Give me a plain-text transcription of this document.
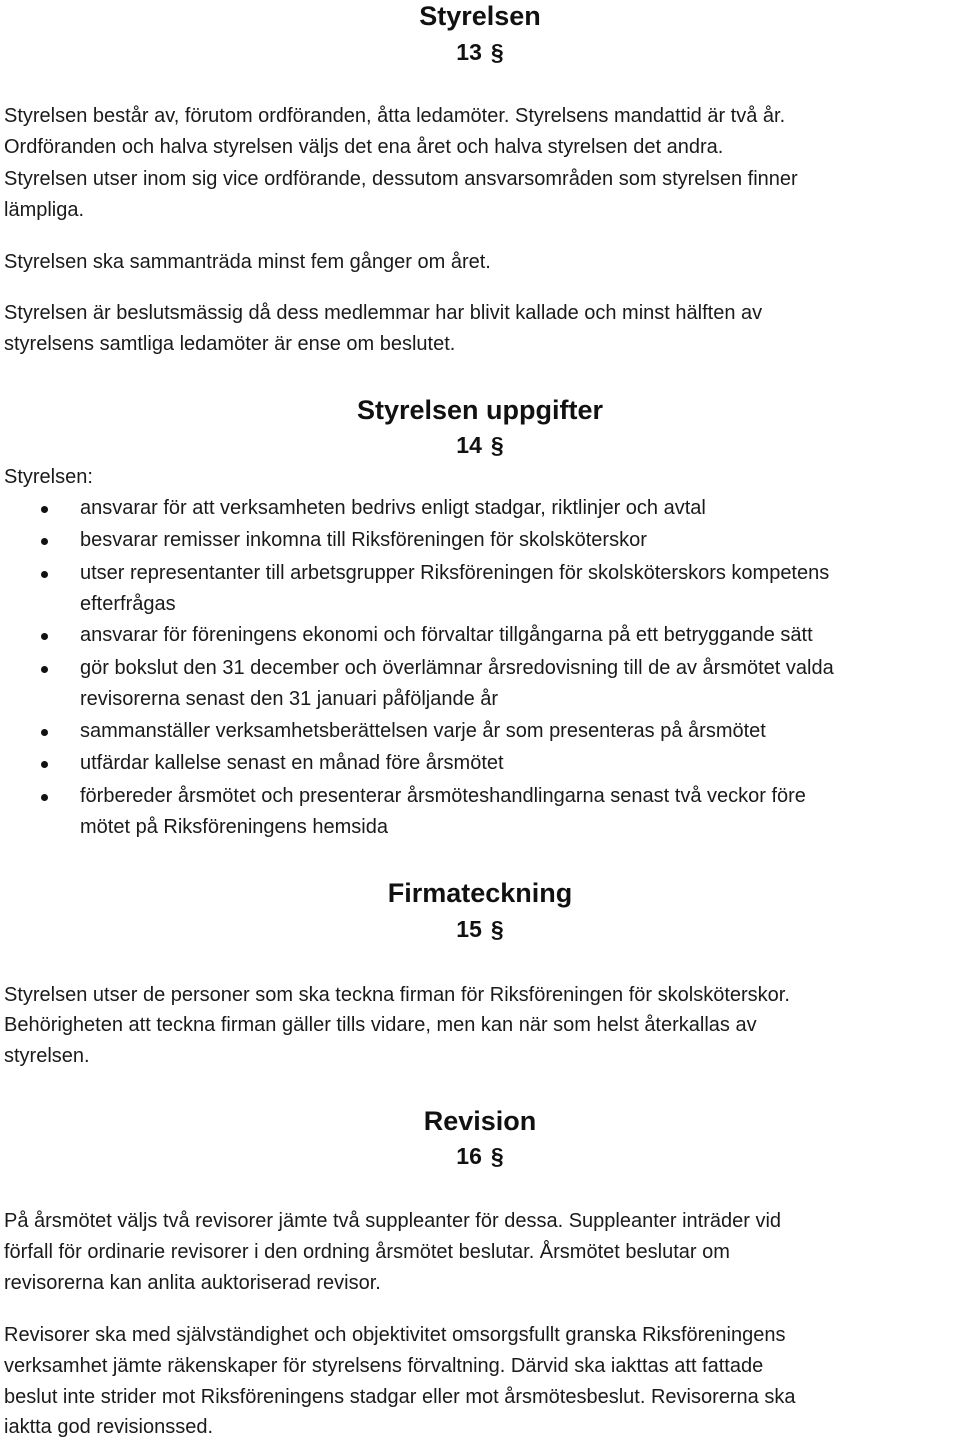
Styrelsen
13 §
Styrelsen består av, förutom ordföranden, åtta ledamöter. Styrelsens mandattid är två år.
Ordföranden och halva styrelsen väljs det ena året och halva styrelsen det andra.
Styrelsen utser inom sig vice ordförande, dessutom ansvarsområden som styrelsen finner
lämpliga.
Styrelsen ska sammanträda minst fem gånger om året.
Styrelsen är beslutsmässig då dess medlemmar har blivit kallade och minst hälften av
styrelsens samtliga ledamöter är ense om beslutet.
Styrelsen uppgifter
14 §
Styrelsen:
ansvarar för att verksamheten bedrivs enligt stadgar, riktlinjer och avtal
besvarar remisser inkomna till Riksföreningen för skolsköterskor
utser representanter till arbetsgrupper Riksföreningen för skolsköterskors kompetens
efterfrågas
ansvarar för föreningens ekonomi och förvaltar tillgångarna på ett betryggande sätt
gör bokslut den 31 december och överlämnar årsredovisning till de av årsmötet valda
revisorerna senast den 31 januari påföljande år
sammanställer verksamhetsberättelsen varje år som presenteras på årsmötet
utfärdar kallelse senast en månad före årsmötet
förbereder årsmötet och presenterar årsmöteshandlingarna senast två veckor före
mötet på Riksföreningens hemsida
Firmateckning
15 §
Styrelsen utser de personer som ska teckna firman för Riksföreningen för skolsköterskor.
Behörigheten att teckna firman gäller tills vidare, men kan när som helst återkallas av
styrelsen.
Revision
16 §
På årsmötet väljs två revisorer jämte två suppleanter för dessa. Suppleanter inträder vid
förfall för ordinarie revisorer i den ordning årsmötet beslutar. Årsmötet beslutar om
revisorerna kan anlita auktoriserad revisor.
Revisorer ska med självständighet och objektivitet omsorgsfullt granska Riksföreningens
verksamhet jämte räkenskaper för styrelsens förvaltning. Därvid ska iakttas att fattade
beslut inte strider mot Riksföreningens stadgar eller mot årsmötesbeslut. Revisorerna ska
iaktta god revisionssed.
